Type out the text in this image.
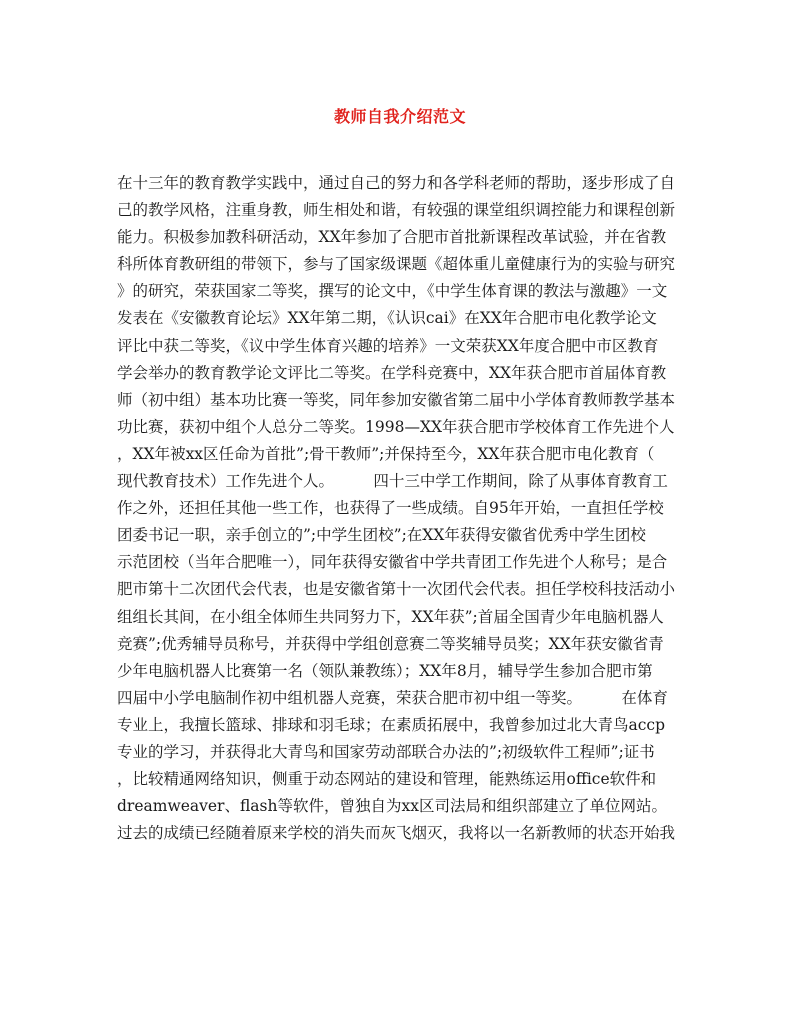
教师自我介绍范文
在十三年的教育教学实践中，通过自己的努力和各学科老师的帮助，逐步形成了自
己的教学风格，注重身教，师生相处和谐，有较强的课堂组织调控能力和课程创新
能力。积极参加教科研活动，XX年参加了合肥市首批新课程改革试验，并在省教
科所体育教研组的带领下，参与了国家级课题《超体重儿童健康行为的实验与研究
》的研究，荣获国家二等奖，撰写的论文中，《中学生体育课的教法与激趣》一文
发表在《安徽教育论坛》XX年第二期，《认识cai》在XX年合肥市电化教学论文
评比中获二等奖，《议中学生体育兴趣的培养》一文荣获XX年度合肥中市区教育
学会举办的教育教学论文评比二等奖。在学科竞赛中，XX年获合肥市首届体育教
师（初中组）基本功比赛一等奖，同年参加安徽省第二届中小学体育教师教学基本
功比赛，获初中组个人总分二等奖。1998—XX年获合肥市学校体育工作先进个人
，XX年被xx区任命为首批”;骨干教师”;并保持至今，XX年获合肥市电化教育（
现代教育技术）工作先进个人。        四十三中学工作期间，除了从事体育教育工
作之外，还担任其他一些工作，也获得了一些成绩。自95年开始，一直担任学校
团委书记一职，亲手创立的”;中学生团校”;在XX年获得安徽省优秀中学生团校
示范团校（当年合肥唯一），同年获得安徽省中学共青团工作先进个人称号；是合
肥市第十二次团代会代表，也是安徽省第十一次团代会代表。担任学校科技活动小
组组长其间，在小组全体师生共同努力下，XX年获”;首届全国青少年电脑机器人
竞赛”;优秀辅导员称号，并获得中学组创意赛二等奖辅导员奖；XX年获安徽省青
少年电脑机器人比赛第一名（领队兼教练）；XX年8月，辅导学生参加合肥市第
四届中小学电脑制作初中组机器人竞赛，荣获合肥市初中组一等奖。        在体育
专业上，我擅长篮球、排球和羽毛球；在素质拓展中，我曾参加过北大青鸟accp
专业的学习，并获得北大青鸟和国家劳动部联合办法的”;初级软件工程师”;证书
，比较精通网络知识，侧重于动态网站的建设和管理，能熟练运用office软件和
dreamweaver、flash等软件，曾独自为xx区司法局和组织部建立了单位网站。
过去的成绩已经随着原来学校的消失而灰飞烟灭，我将以一名新教师的状态开始我
